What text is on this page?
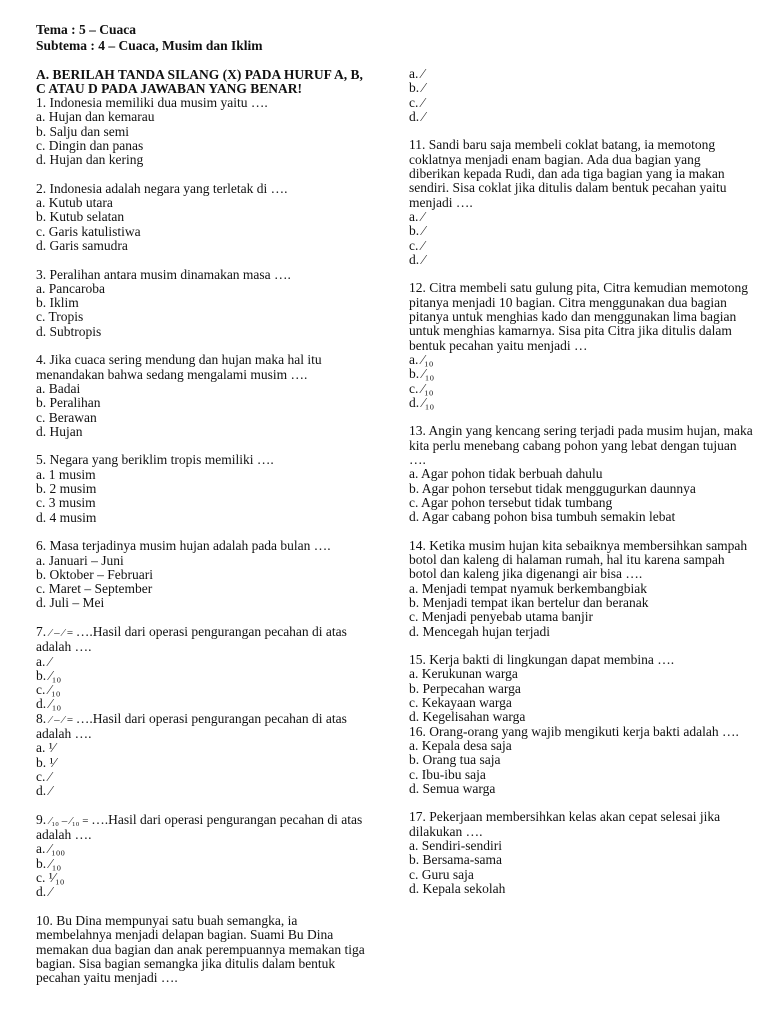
Tema : 5 – Cuaca
Subtema : 4 – Cuaca, Musim dan Iklim
A. BERILAH TANDA SILANG (X) PADA HURUF A, B, C ATAU D PADA JAWABAN YANG BENAR!
1. Indonesia memiliki dua musim yaitu ….
a. Hujan dan kemarau
b. Salju dan semi
c. Dingin dan panas
d. Hujan dan kering
2. Indonesia adalah negara yang terletak di ….
a. Kutub utara
b. Kutub selatan
c. Garis katulistiwa
d. Garis samudra
3. Peralihan antara musim dinamakan masa ….
a. Pancaroba
b. Iklim
c. Tropis
d. Subtropis
4. Jika cuaca sering mendung dan hujan maka hal itu menandakan bahwa sedang mengalami musim ….
a. Badai
b. Peralihan
c. Berawan
d. Hujan
5. Negara yang beriklim tropis memiliki ….
a. 1 musim
b. 2 musim
c. 3 musim
d. 4 musim
6. Masa terjadinya musim hujan adalah pada bulan ….
a. Januari – Juni
b. Oktober – Februari
c. Maret – September
d. Juli – Mei
7. ⁄ – ⁄ = ….Hasil dari operasi pengurangan pecahan di atas adalah ….
a. ⁄
b. ⁄₁₀
c. ⁄₁₀
d. ⁄₁₀
8. ⁄ – ⁄ = ….Hasil dari operasi pengurangan pecahan di atas adalah ….
a. ¹⁄
b. ¹⁄
c. ⁄
d. ⁄
9. ⁄₁₀ – ⁄₁₀ = ….Hasil dari operasi pengurangan pecahan di atas adalah ….
a. ⁄₁₀₀
b. ⁄₁₀
c. ¹⁄₁₀
d. ⁄
10. Bu Dina mempunyai satu buah semangka, ia membelahnya menjadi delapan bagian. Suami Bu Dina memakan dua bagian dan anak perempuannya memakan tiga bagian. Sisa bagian semangka jika ditulis dalam bentuk pecahan yaitu menjadi ….
a. ⁄
b. ⁄
c. ⁄
d. ⁄
11. Sandi baru saja membeli coklat batang, ia memotong coklatnya menjadi enam bagian. Ada dua bagian yang diberikan kepada Rudi, dan ada tiga bagian yang ia makan sendiri. Sisa coklat jika ditulis dalam bentuk pecahan yaitu menjadi ….
a. ⁄
b. ⁄
c. ⁄
d. ⁄
12. Citra membeli satu gulung pita, Citra kemudian memotong pitanya menjadi 10 bagian. Citra menggunakan dua bagian pitanya untuk menghias kado dan menggunakan lima bagian untuk menghias kamarnya. Sisa pita Citra jika ditulis dalam bentuk pecahan yaitu menjadi …
a. ⁄₁₀
b. ⁄₁₀
c. ⁄₁₀
d. ⁄₁₀
13. Angin yang kencang sering terjadi pada musim hujan, maka kita perlu menebang cabang pohon yang lebat dengan tujuan ….
a. Agar pohon tidak berbuah dahulu
b. Agar pohon tersebut tidak menggugurkan daunnya
c. Agar pohon tersebut tidak tumbang
d. Agar cabang pohon bisa tumbuh semakin lebat
14. Ketika musim hujan kita sebaiknya membersihkan sampah botol dan kaleng di halaman rumah, hal itu karena sampah botol dan kaleng jika digenangi air bisa ….
a. Menjadi tempat nyamuk berkembangbiak
b. Menjadi tempat ikan bertelur dan beranak
c. Menjadi penyebab utama banjir
d. Mencegah hujan terjadi
15. Kerja bakti di lingkungan dapat membina ….
a. Kerukunan warga
b. Perpecahan warga
c. Kekayaan warga
d. Kegelisahan warga
16. Orang-orang yang wajib mengikuti kerja bakti adalah ….
a. Kepala desa saja
b. Orang tua saja
c. Ibu-ibu saja
d. Semua warga
17. Pekerjaan membersihkan kelas akan cepat selesai jika dilakukan ….
a. Sendiri-sendiri
b. Bersama-sama
c. Guru saja
d. Kepala sekolah
